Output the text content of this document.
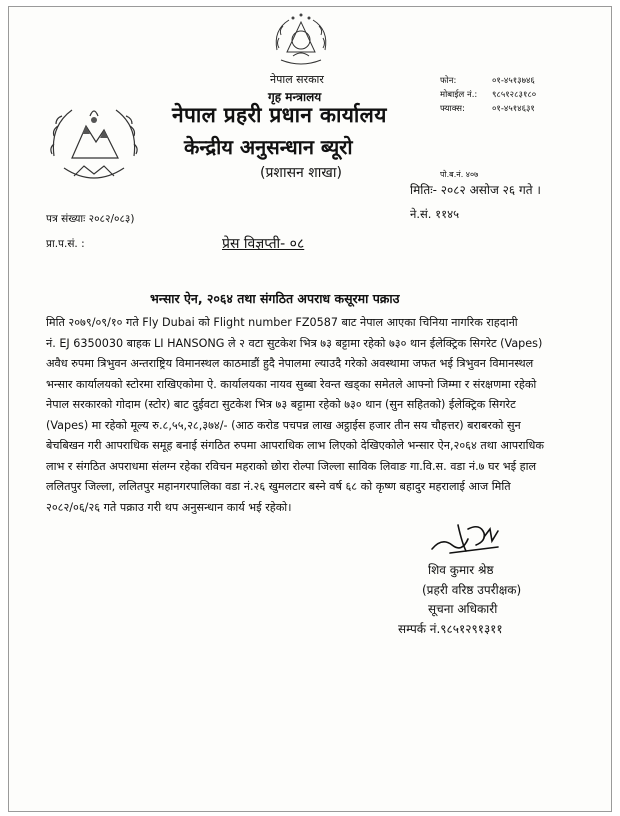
नेपाल सरकार
गृह मन्त्रालय
नेपाल प्रहरी प्रधान कार्यालय
केन्द्रीय अनुसन्धान ब्यूरो
(प्रशासन शाखा)
फोन:	०१-४५१३७४६
मोबाईल नं.:	९८५१२८३१८०
फ्याक्स:	०१-४५१४६३१
पो.ब.नं. ४०७
मितिः- २०८२ असोज २६ गते ।
ने.सं. ११४५
पत्र संख्याः २०८२/०८३)
प्रा.प.सं. :	प्रेस विज्ञप्ती- ०८
भन्सार ऐन, २०६४ तथा संगठित अपराध कसूरमा पक्राउ
मिति २०७९/०९/१० गते Fly Dubai को Flight number FZ0587 बाट नेपाल आएका चिनिया नागरिक राहदानी
नं. EJ 6350030 बाहक LI HANSONG ले २ वटा सुटकेश भित्र ७३ बट्टामा रहेको ७३० थान ईलेक्ट्रिक सिगरेट (Vapes)
अवैध रुपमा त्रिभुवन अन्तराष्ट्रिय विमानस्थल काठमाडौं हुदै नेपालमा ल्याउदै गरेको अवस्थामा जफत भई त्रिभुवन विमानस्थल
भन्सार कार्यालयको स्टोरमा राखिएकोमा ऐ. कार्यालयका नायव सुब्बा रेवन्त खड्का समेतले आफ्नो जिम्मा र संरक्षणमा रहेको
नेपाल सरकारको गोदाम (स्टोर) बाट दुईवटा सुटकेश भित्र ७३ बट्टामा रहेको ७३० थान (सुन सहितको) ईलेक्ट्रिक सिगरेट
(Vapes) मा रहेको मूल्य रु.८,५५,२८,३७४/- (आठ करोड पचपन्न लाख अट्ठाईस हजार तीन सय चौहत्तर) बराबरको सुन
बेचबिखन गरी आपराधिक समूह बनाई संगठित रुपमा आपराधिक लाभ लिएको देखिएकोले भन्सार ऐन,२०६४ तथा आपराधिक
लाभ र संगठित अपराधमा संलग्न रहेका रविचन महराको छोरा रोल्पा जिल्ला साविक लिवाङ गा.वि.स. वडा नं.७ घर भई हाल
ललितपुर जिल्ला, ललितपुर महानगरपालिका वडा नं.२६ खुमलटार बस्ने वर्ष ६८ को कृष्ण बहादुर महरालाई आज मिति
२०८२/०६/२६ गते पक्राउ गरी थप अनुसन्धान कार्य भई रहेको।
शिव कुमार श्रेष्ठ
(प्रहरी वरिष्ठ उपरीक्षक)
सूचना अधिकारी
सम्पर्क नं.९८५१२९१३११
